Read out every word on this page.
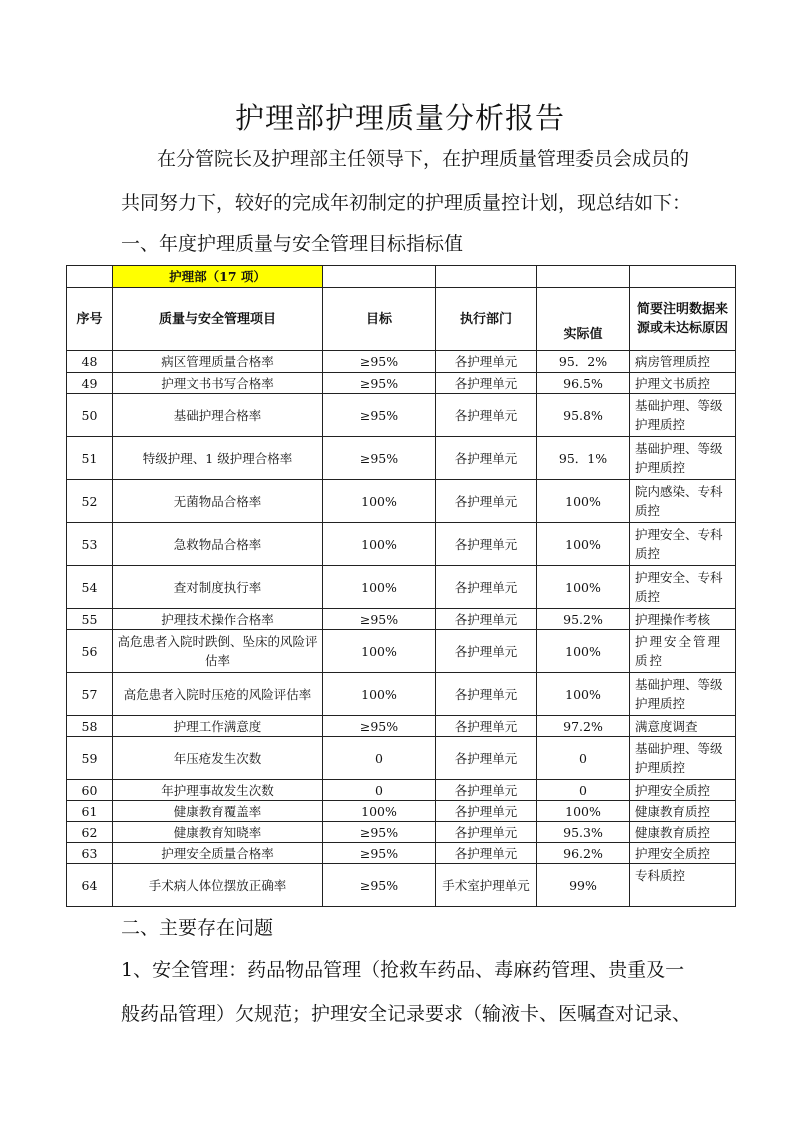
护理部护理质量分析报告
在分管院长及护理部主任领导下，在护理质量管理委员会成员的
共同努力下，较好的完成年初制定的护理质量控计划，现总结如下：
一、年度护理质量与安全管理目标指标值
	护理部（17 项）				
序号	质量与安全管理项目	目标	执行部门	实际值	简要注明数据来源或未达标原因
48	病区管理质量合格率	≥95%	各护理单元	95．2%	病房管理质控
49	护理文书书写合格率	≥95%	各护理单元	96.5%	护理文书质控
50	基础护理合格率	≥95%	各护理单元	95.8%	基础护理、等级护理质控
51	特级护理、1 级护理合格率	≥95%	各护理单元	95．1%	基础护理、等级护理质控
52	无菌物品合格率	100%	各护理单元	100%	院内感染、专科质控
53	急救物品合格率	100%	各护理单元	100%	护理安全、专科质控
54	查对制度执行率	100%	各护理单元	100%	护理安全、专科质控
55	护理技术操作合格率	≥95%	各护理单元	95.2%	护理操作考核
56	高危患者入院时跌倒、坠床的风险评估率	100%	各护理单元	100%	护理安全管理质控
57	高危患者入院时压疮的风险评估率	100%	各护理单元	100%	基础护理、等级护理质控
58	护理工作满意度	≥95%	各护理单元	97.2%	满意度调查
59	年压疮发生次数	0	各护理单元	0	基础护理、等级护理质控
60	年护理事故发生次数	0	各护理单元	0	护理安全质控
61	健康教育覆盖率	100%	各护理单元	100%	健康教育质控
62	健康教育知晓率	≥95%	各护理单元	95.3%	健康教育质控
63	护理安全质量合格率	≥95%	各护理单元	96.2%	护理安全质控
64	手术病人体位摆放正确率	≥95%	手术室护理单元	99%	专科质控
二、主要存在问题
1、安全管理：药品物品管理（抢救车药品、毒麻药管理、贵重及一
般药品管理）欠规范；护理安全记录要求（输液卡、医嘱查对记录、
